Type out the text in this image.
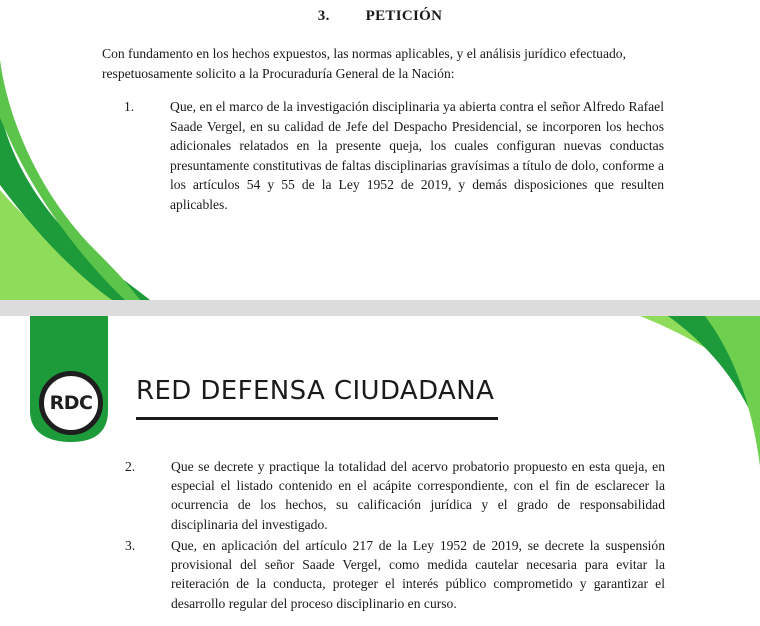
3. PETICIÓN

Con fundamento en los hechos expuestos, las normas aplicables, y el análisis jurídico efectuado, respetuosamente solicito a la Procuraduría General de la Nación:

1.	Que, en el marco de la investigación disciplinaria ya abierta contra el señor Alfredo Rafael Saade Vergel, en su calidad de Jefe del Despacho Presidencial, se incorporen los hechos adicionales relatados en la presente queja, los cuales configuran nuevas conductas presuntamente constitutivas de faltas disciplinarias gravísimas a título de dolo, conforme a los artículos 54 y 55 de la Ley 1952 de 2019, y demás disposiciones que resulten aplicables.

RDC RED DEFENSA CIUDADANA
2.	Que se decrete y practique la totalidad del acervo probatorio propuesto en esta queja, en especial el listado contenido en el acápite correspondiente, con el fin de esclarecer la ocurrencia de los hechos, su calificación jurídica y el grado de responsabilidad disciplinaria del investigado.

3.	Que, en aplicación del artículo 217 de la Ley 1952 de 2019, se decrete la suspensión provisional del señor Saade Vergel, como medida cautelar necesaria para evitar la reiteración de la conducta, proteger el interés público comprometido y garantizar el desarrollo regular del proceso disciplinario en curso.
